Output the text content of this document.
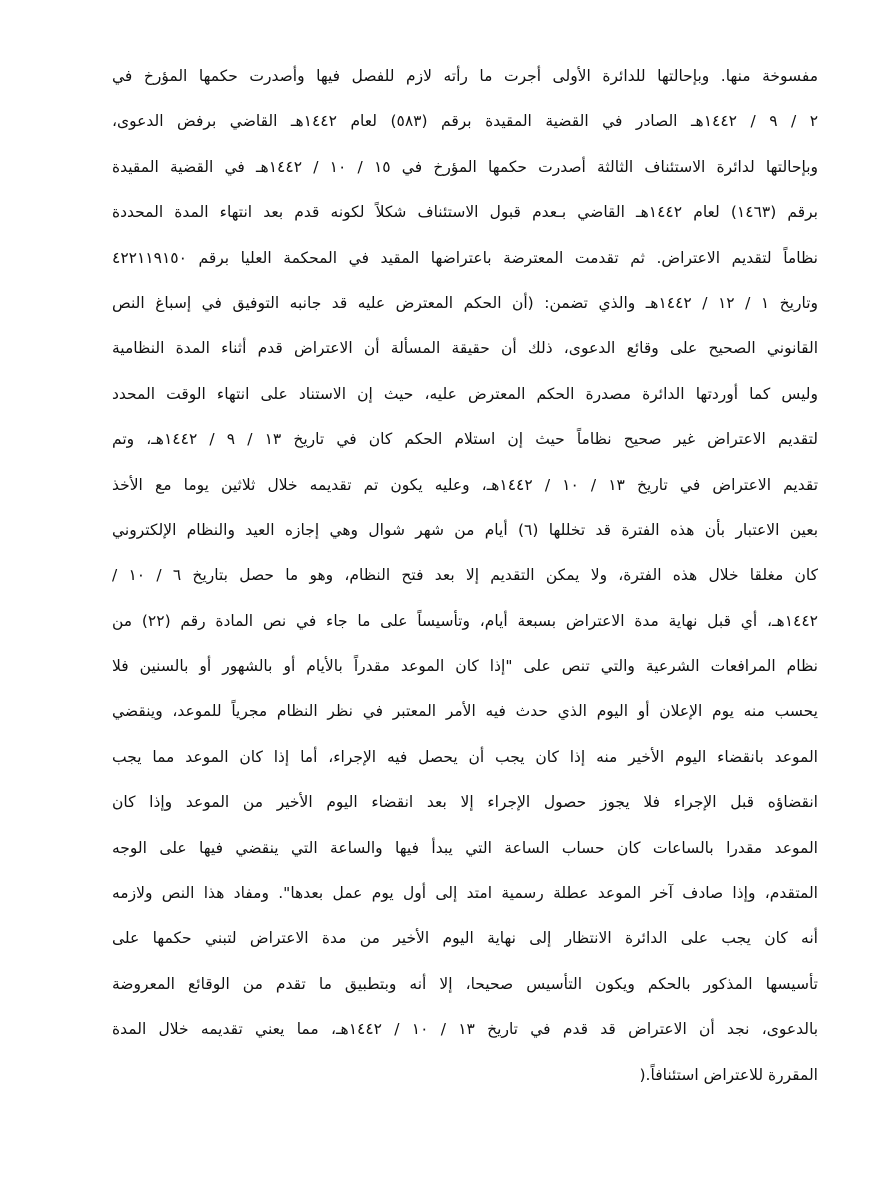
مفسوخة منها. وبإحالتها للدائرة الأولى أجرت ما رأته لازم للفصل فيها وأصدرت حكمها المؤرخ في
٢ / ٩ / ١٤٤٢هـ الصادر في القضية المقيدة برقم (٥٨٣) لعام ١٤٤٢هـ القاضي برفض الدعوى،
وبإحالتها لدائرة الاستئناف الثالثة أصدرت حكمها المؤرخ في ١٥ / ١٠ / ١٤٤٢هـ في القضية المقيدة
برقم (١٤٦٣) لعام ١٤٤٢هـ القاضي بـعدم قبول الاستئناف شكلاً لكونه قدم بعد انتهاء المدة المحددة
نظاماً لتقديم الاعتراض. ثم تقدمت المعترضة باعتراضها المقيد في المحكمة العليا برقم ٤٢٢١١٩١٥٠
وتاريخ ١ / ١٢ / ١٤٤٢هـ والذي تضمن: (أن الحكم المعترض عليه قد جانبه التوفيق في إسباغ النص
القانوني الصحيح على وقائع الدعوى، ذلك أن حقيقة المسألة أن الاعتراض قدم أثناء المدة النظامية
وليس كما أوردتها الدائرة مصدرة الحكم المعترض عليه، حيث إن الاستناد على انتهاء الوقت المحدد
لتقديم الاعتراض غير صحيح نظاماً حيث إن استلام الحكم كان في تاريخ ١٣ / ٩ / ١٤٤٢هـ، وتم
تقديم الاعتراض في تاريخ ١٣ / ١٠ / ١٤٤٢هـ، وعليه يكون تم تقديمه خلال ثلاثين يوما مع الأخذ
بعين الاعتبار بأن هذه الفترة قد تخللها (٦) أيام من شهر شوال وهي إجازه العيد والنظام الإلكتروني
كان مغلقا خلال هذه الفترة، ولا يمكن التقديم إلا بعد فتح النظام، وهو ما حصل بتاريخ ٦ / ١٠ /
١٤٤٢هـ، أي قبل نهاية مدة الاعتراض بسبعة أيام، وتأسيساً على ما جاء في نص المادة رقم (٢٢) من
نظام المرافعات الشرعية والتي تنص على "إذا كان الموعد مقدراً بالأيام أو بالشهور أو بالسنين فلا
يحسب منه يوم الإعلان أو اليوم الذي حدث فيه الأمر المعتبر في نظر النظام مجرياً للموعد، وينقضي
الموعد بانقضاء اليوم الأخير منه إذا كان يجب أن يحصل فيه الإجراء، أما إذا كان الموعد مما يجب
انقضاؤه قبل الإجراء فلا يجوز حصول الإجراء إلا بعد انقضاء اليوم الأخير من الموعد وإذا كان
الموعد مقدرا بالساعات كان حساب الساعة التي يبدأ فيها والساعة التي ينقضي فيها على الوجه
المتقدم، وإذا صادف آخر الموعد عطلة رسمية امتد إلى أول يوم عمل بعدها". ومفاد هذا النص ولازمه
أنه كان يجب على الدائرة الانتظار إلى نهاية اليوم الأخير من مدة الاعتراض لتبني حكمها على
تأسيسها المذكور بالحكم ويكون التأسيس صحيحا، إلا أنه وبتطبيق ما تقدم من الوقائع المعروضة
بالدعوى، نجد أن الاعتراض قد قدم في تاريخ ١٣ / ١٠ / ١٤٤٢هـ، مما يعني تقديمه خلال المدة
المقررة للاعتراض استئنافاً.(
